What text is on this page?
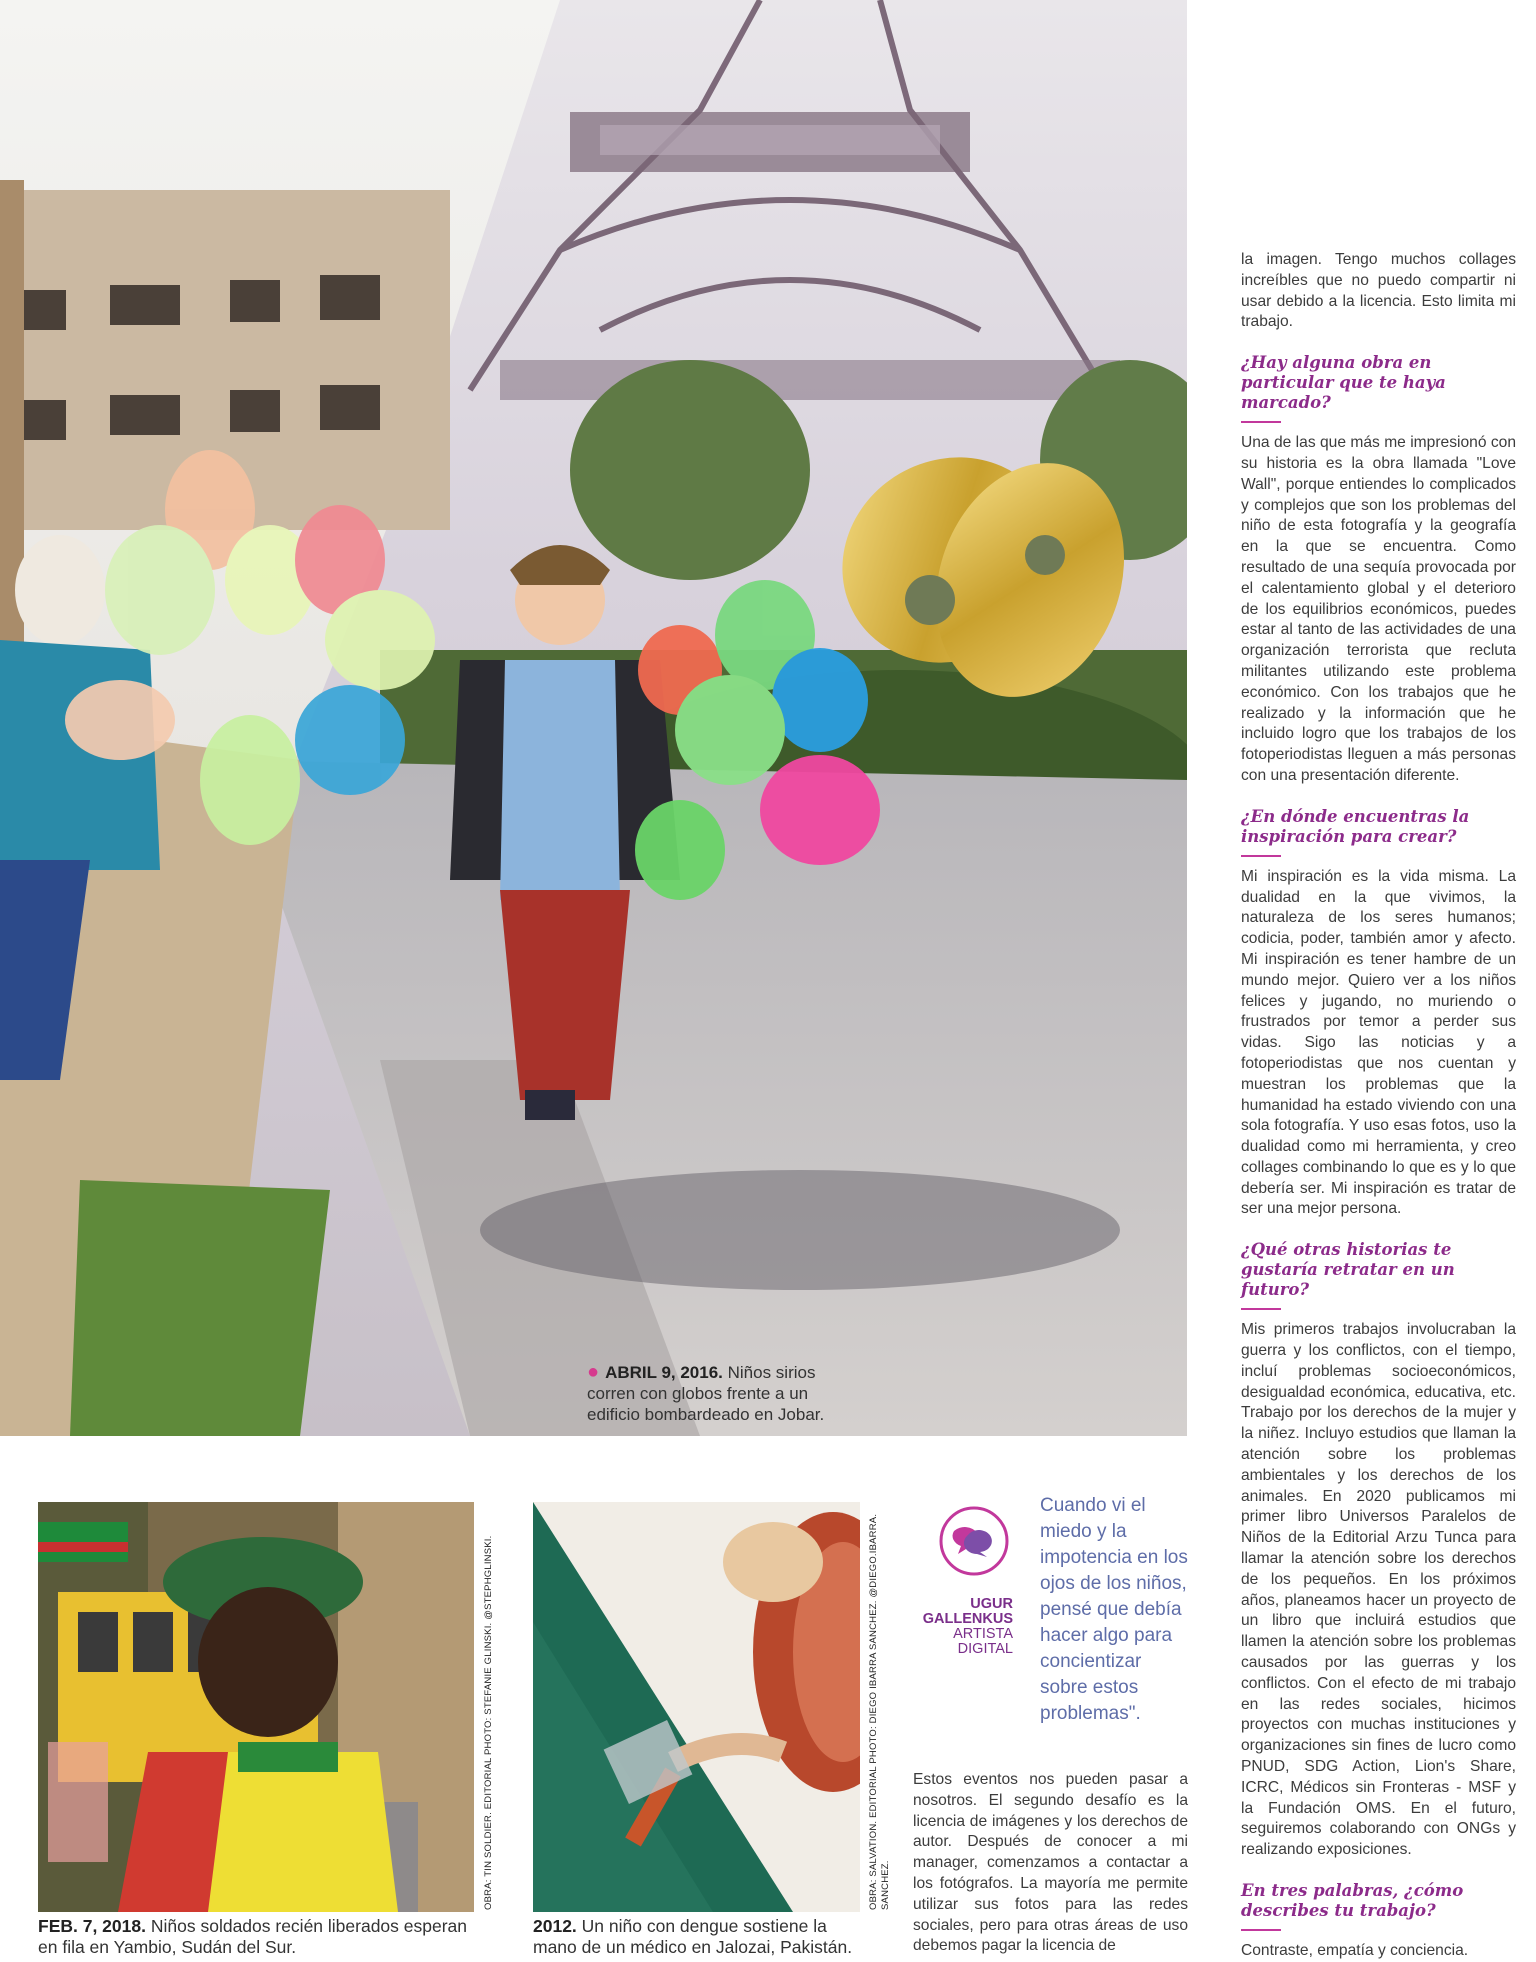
● ABRIL 9, 2016. Niños sirios corren con globos frente a un edificio bombardeado en Jobar.
OBRA: TIN SOLDIER. EDITORIAL PHOTO: STEFANIE GLINSKI. @STEPHGLINSKI.
FEB. 7, 2018. Niños soldados recién liberados esperan en fila en Yambio, Sudán del Sur.
OBRA: SALVATION. EDITORIAL PHOTO: DIEGO IBARRA SANCHEZ. @DIEGO.IBARRA. SANCHEZ.
2012. Un niño con dengue sostiene la mano de un médico en Jalozai, Pakistán.
UGUR
GALLENKUS
ARTISTA
DIGITAL
Cuando vi el miedo y la impotencia en los ojos de los niños, pensé que debía hacer algo para concientizar sobre estos problemas".
Estos eventos nos pueden pasar a nosotros. El segundo desafío es la licencia de imágenes y los derechos de autor. Después de conocer a mi manager, comenzamos a contactar a los fotógrafos. La mayoría me permite utilizar sus fotos para las redes sociales, pero para otras áreas de uso debemos pagar la licencia de

la imagen. Tengo muchos collages increíbles que no puedo compartir ni usar debido a la licencia. Esto limita mi trabajo.

¿Hay alguna obra en particular que te haya marcado?

Una de las que más me impresionó con su historia es la obra llamada "Love Wall", porque entiendes lo complicados y complejos que son los problemas del niño de esta fotografía y la geografía en la que se encuentra. Como resultado de una sequía provocada por el calentamiento global y el deterioro de los equilibrios económicos, puedes estar al tanto de las actividades de una organización terrorista que recluta militantes utilizando este problema económico. Con los trabajos que he realizado y la información que he incluido logro que los trabajos de los fotoperiodistas lleguen a más personas con una presentación diferente.

¿En dónde encuentras la inspiración para crear?

Mi inspiración es la vida misma. La dualidad en la que vivimos, la naturaleza de los seres humanos; codicia, poder, también amor y afecto. Mi inspiración es tener hambre de un mundo mejor. Quiero ver a los niños felices y jugando, no muriendo o frustrados por temor a perder sus vidas. Sigo las noticias y a fotoperiodistas que nos cuentan y muestran los problemas que la humanidad ha estado viviendo con una sola fotografía. Y uso esas fotos, uso la dualidad como mi herramienta, y creo collages combinando lo que es y lo que debería ser. Mi inspiración es tratar de ser una mejor persona.

¿Qué otras historias te gustaría retratar en un futuro?

Mis primeros trabajos involucraban la guerra y los conflictos, con el tiempo, incluí problemas socioeconómicos, desigualdad económica, educativa, etc. Trabajo por los derechos de la mujer y la niñez. Incluyo estudios que llaman la atención sobre los problemas ambientales y los derechos de los animales. En 2020 publicamos mi primer libro Universos Paralelos de Niños de la Editorial Arzu Tunca para llamar la atención sobre los derechos de los pequeños. En los próximos años, planeamos hacer un proyecto de un libro que incluirá estudios que llamen la atención sobre los problemas causados por las guerras y los conflictos. Con el efecto de mi trabajo en las redes sociales, hicimos proyectos con muchas instituciones y organizaciones sin fines de lucro como PNUD, SDG Action, Lion's Share, ICRC, Médicos sin Fronteras - MSF y la Fundación OMS. En el futuro, seguiremos colaborando con ONGs y realizando exposiciones.

En tres palabras, ¿cómo describes tu trabajo?

Contraste, empatía y conciencia.
